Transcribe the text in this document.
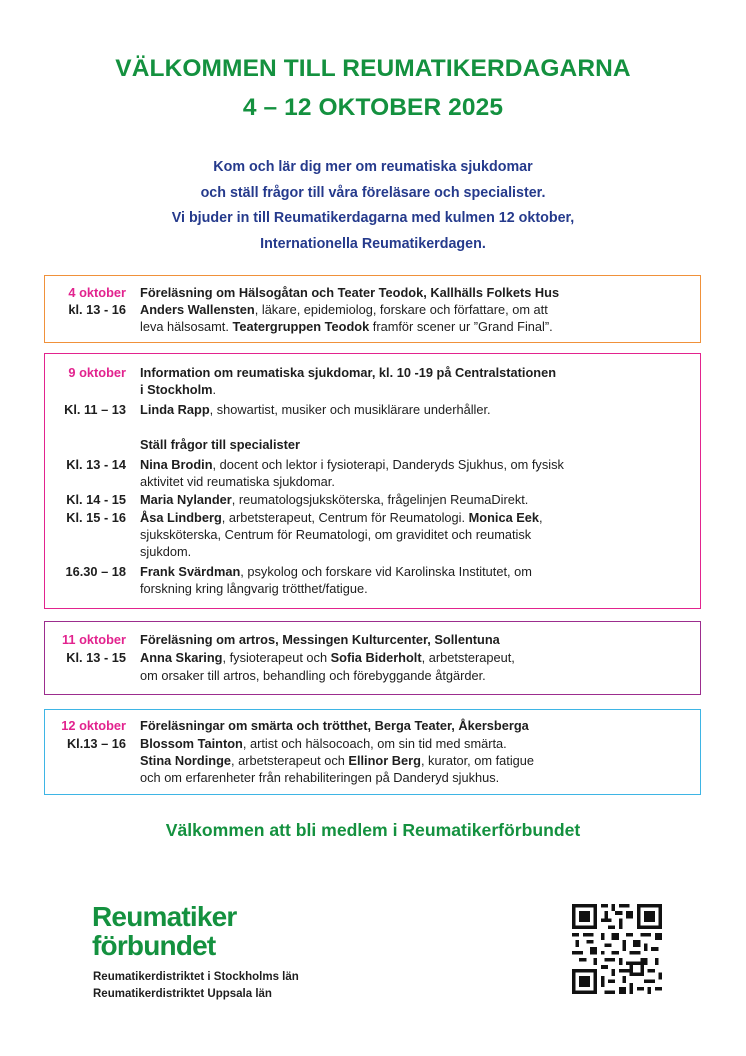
VÄLKOMMEN TILL REUMATIKERDAGARNA
4 – 12 OKTOBER 2025
Kom och lär dig mer om reumatiska sjukdomar
och ställ frågor till våra föreläsare och specialister.
Vi bjuder in till Reumatikerdagarna med kulmen 12 oktober,
Internationella Reumatikerdagen.
4 oktober Föreläsning om Hälsogåtan och Teater Teodok, Kallhälls Folkets Hus
kl. 13 - 16 Anders Wallensten, läkare, epidemiolog, forskare och författare, om att
leva hälsosamt. Teatergruppen Teodok framför scener ur ”Grand Final”.
9 oktober Information om reumatiska sjukdomar, kl. 10 -19 på Centralstationen
i Stockholm.
Kl. 11 – 13 Linda Rapp, showartist, musiker och musiklärare underhåller.
Ställ frågor till specialister
Kl. 13 - 14 Nina Brodin, docent och lektor i fysioterapi, Danderyds Sjukhus, om fysisk
aktivitet vid reumatiska sjukdomar.
Kl. 14 - 15 Maria Nylander, reumatologsjuksköterska, frågelinjen ReumaDirekt.
Kl. 15 - 16 Åsa Lindberg, arbetsterapeut, Centrum för Reumatologi. Monica Eek,
sjuksköterska, Centrum för Reumatologi, om graviditet och reumatisk
sjukdom.
16.30 – 18 Frank Svärdman, psykolog och forskare vid Karolinska Institutet, om
forskning kring långvarig trötthet/fatigue.
11 oktober Föreläsning om artros, Messingen Kulturcenter, Sollentuna
Kl. 13 - 15 Anna Skaring, fysioterapeut och Sofia Biderholt, arbetsterapeut,
om orsaker till artros, behandling och förebyggande åtgärder.
12 oktober Föreläsningar om smärta och trötthet, Berga Teater, Åkersberga
Kl.13 – 16 Blossom Tainton, artist och hälsocoach, om sin tid med smärta.
Stina Nordinge, arbetsterapeut och Ellinor Berg, kurator, om fatigue
och om erfarenheter från rehabiliteringen på Danderyd sjukhus.
Välkommen att bli medlem i Reumatikerförbundet
Reumatiker
förbundet
Reumatikerdistriktet i Stockholms län
Reumatikerdistriktet Uppsala län
